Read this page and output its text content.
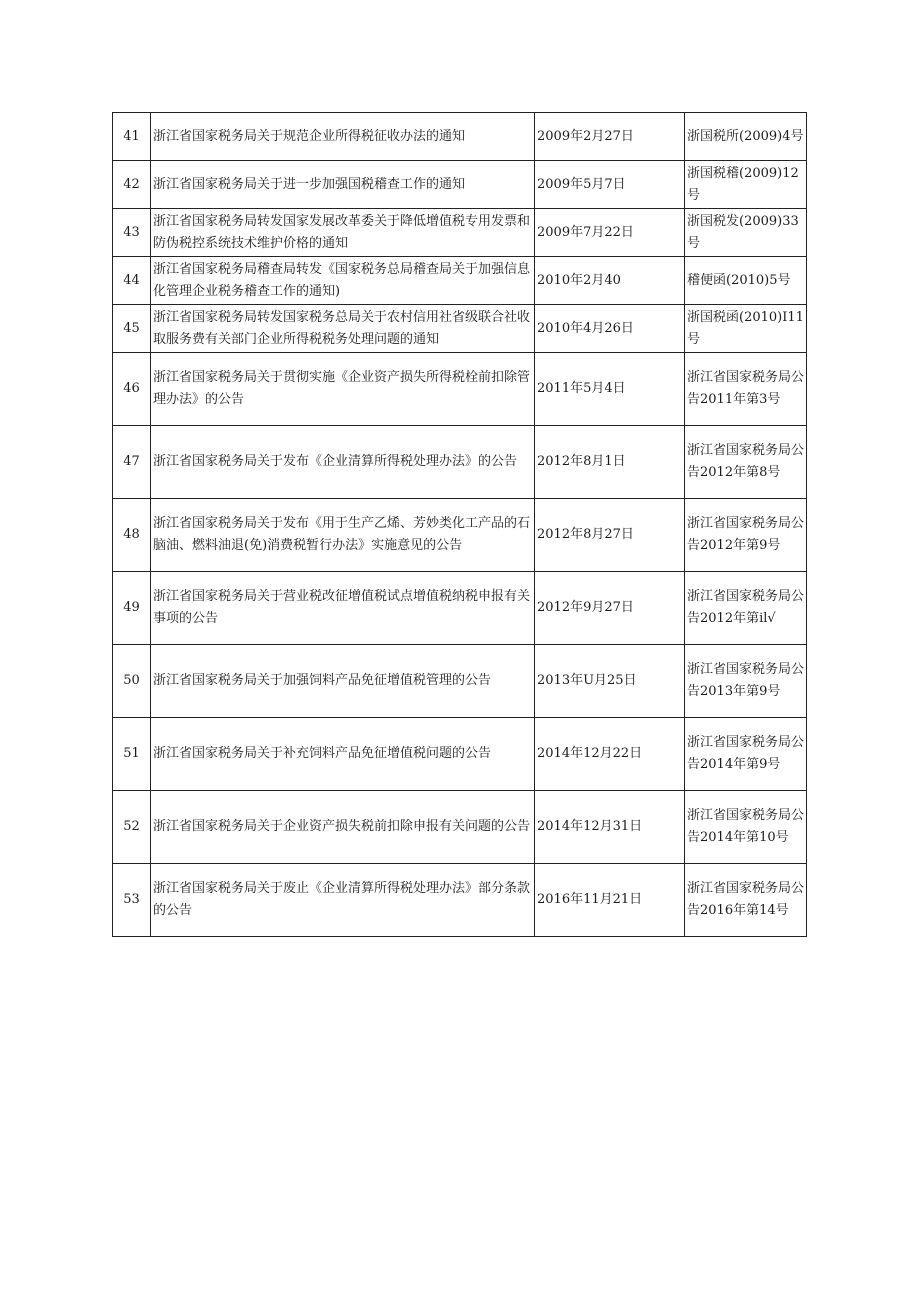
41	浙江省国家税务局关于规范企业所得税征收办法的通知	2009年2月27日	浙国税所(2009)4号
42	浙江省国家税务局关于进一步加强国税稽查工作的通知	2009年5月7日	浙国税稽(2009)12号
43	浙江省国家税务局转发国家发展改革委关于降低增值税专用发票和防伪税控系统技术维护价格的通知	2009年7月22日	浙国税发(2009)33号
44	浙江省国家税务局稽查局转发《国家税务总局稽查局关于加强信息化管理企业税务稽查工作的通知)	2010年2月40	稽便函(2010)5号
45	浙江省国家税务局转发国家税务总局关于农村信用社省级联合社收取服务费有关部门企业所得税税务处理问题的通知	2010年4月26日	浙国税函(2010)I11号
46	浙江省国家税务局关于贯彻实施《企业资产损失所得税栓前扣除管理办法》的公告	2011年5月4日	浙江省国家税务局公告2011年第3号
47	浙江省国家税务局关于发布《企业清算所得税处理办法》的公告	2012年8月1日	浙江省国家税务局公告2012年第8号
48	浙江省国家税务局关于发布《用于生产乙烯、芳妙类化工产品的石脑油、燃料油退(免)消费税暂行办法》实施意见的公告	2012年8月27日	浙江省国家税务局公告2012年第9号
49	浙江省国家税务局关于营业税改征增值税试点增值税纳税申报有关事项的公告	2012年9月27日	浙江省国家税务局公告2012年第il√
50	浙江省国家税务局关于加强饲料产品免征增值税管理的公告	2013年U月25日	浙江省国家税务局公告2013年第9号
51	浙江省国家税务局关于补充饲料产品免征增值税问题的公告	2014年12月22日	浙江省国家税务局公告2014年第9号
52	浙江省国家税务局关于企业资产损失税前扣除申报有关问题的公告	2014年12月31日	浙江省国家税务局公告2014年第10号
53	浙江省国家税务局关于废止《企业清算所得税处理办法》部分条款的公告	2016年11月21日	浙江省国家税务局公告2016年第14号
